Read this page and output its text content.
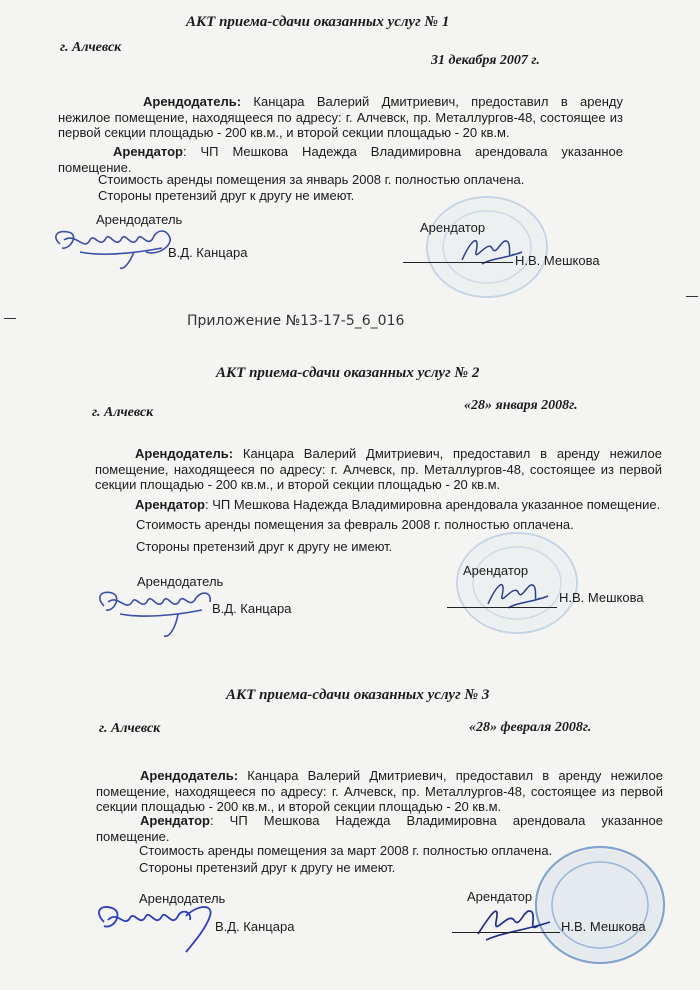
АКТ приема-сдачи оказанных услуг № 1
г. Алчевск
31 декабря 2007 г.
Арендодатель: Канцара Валерий Дмитриевич, предоставил в аренду нежилое помещение, находящееся по адресу: г. Алчевск, пр. Металлургов-48, состоящее из первой секции площадью - 200 кв.м., и второй секции площадью - 20 кв.м.
Арендатор: ЧП Мешкова Надежда Владимировна арендовала указанное помещение.
Стоимость аренды помещения за январь 2008 г. полностью оплачена.
Стороны претензий друг к другу не имеют.
Арендодатель
В.Д. Канцара
Арендатор
Н.В. Мешкова
Приложение №13-17-5_6_016
АКТ приема-сдачи оказанных услуг № 2
г. Алчевск	«28» января 2008г.
Арендодатель: Канцара Валерий Дмитриевич, предоставил в аренду нежилое помещение, находящееся по адресу: г. Алчевск, пр. Металлургов-48, состоящее из первой секции площадью - 200 кв.м., и второй секции площадью - 20 кв.м.
Арендатор: ЧП Мешкова Надежда Владимировна арендовала указанное помещение.
Стоимость аренды помещения за февраль 2008 г. полностью оплачена.
Стороны претензий друг к другу не имеют.
Арендодатель
В.Д. Канцара
Арендатор
Н.В. Мешкова
АКТ приема-сдачи оказанных услуг № 3
г. Алчевск	«28» февраля 2008г.
Арендодатель: Канцара Валерий Дмитриевич, предоставил в аренду нежилое помещение, находящееся по адресу: г. Алчевск, пр. Металлургов-48, состоящее из первой секции площадью - 200 кв.м., и второй секции площадью - 20 кв.м.
Арендатор: ЧП Мешкова Надежда Владимировна арендовала указанное помещение.
Стоимость аренды помещения за март 2008 г. полностью оплачена.
Стороны претензий друг к другу не имеют.
Арендодатель
В.Д. Канцара
Арендатор
Н.В. Мешкова
